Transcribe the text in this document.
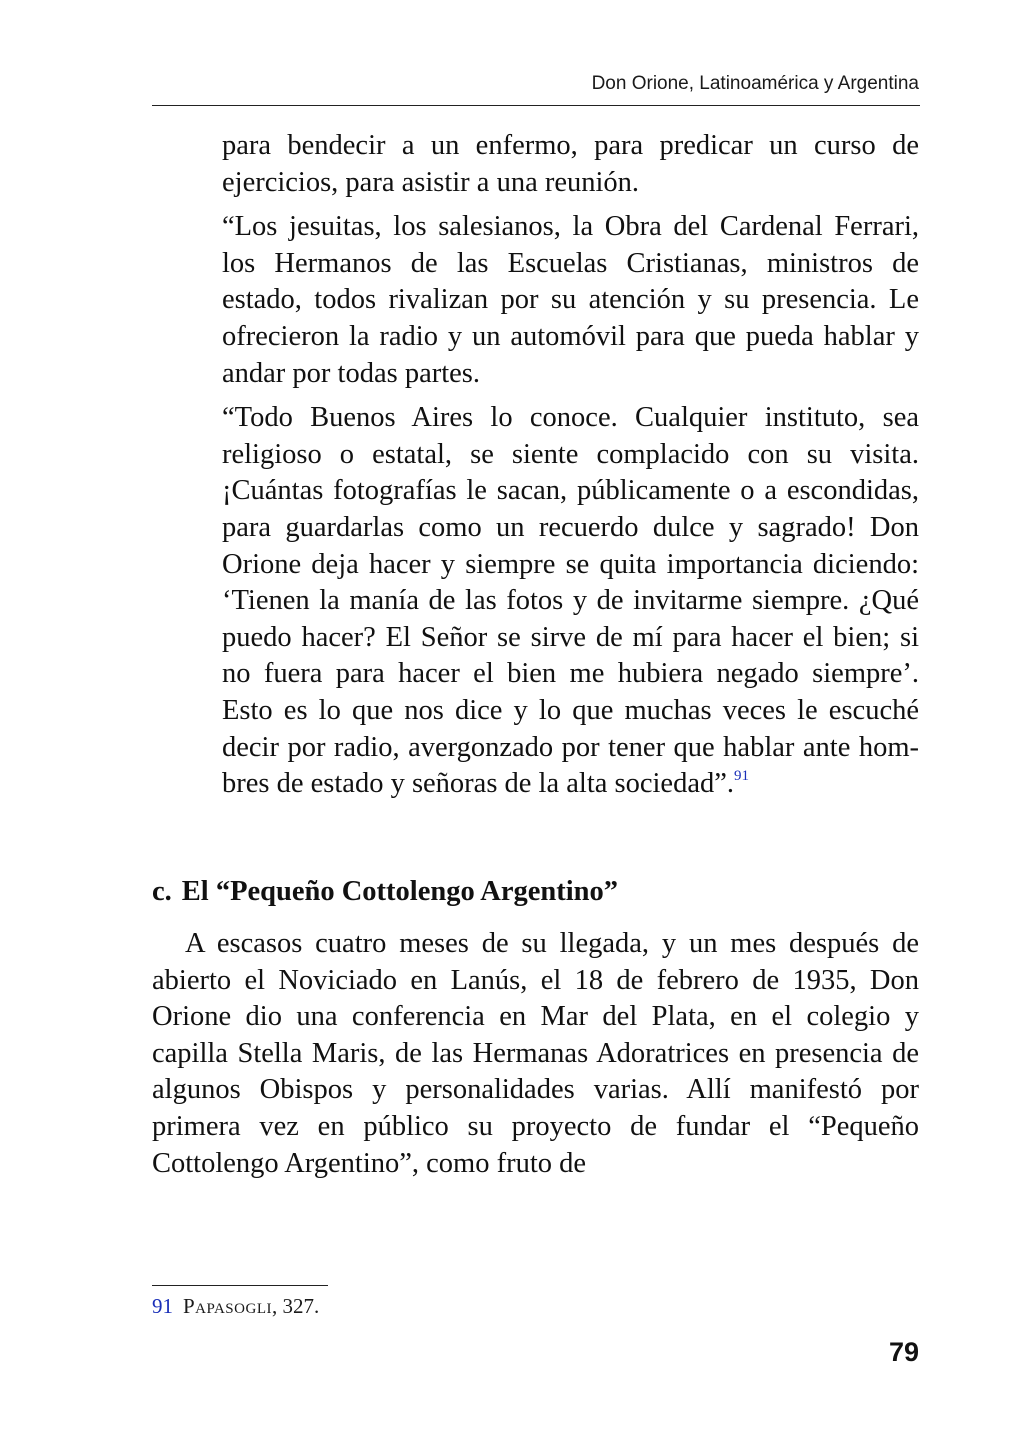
Don Orione, Latinoamérica y Argentina

para bendecir a un enfermo, para predicar un curso de ejercicios, para asistir a una reunión.

“Los jesuitas, los salesianos, la Obra del Cardenal Ferrari, los Hermanos de las Escuelas Cristianas, ministros de estado, todos rivalizan por su atención y su presencia. Le ofrecieron la radio y un automóvil para que pueda hablar y andar por todas partes.

“Todo Buenos Aires lo conoce. Cualquier instituto, sea religioso o estatal, se siente complacido con su visita. ¡Cuántas fotografías le sacan, públicamente o a escondidas, para guardarlas como un recuerdo dulce y sagrado! Don Orione deja hacer y siempre se quita importancia diciendo: ‘Tienen la manía de las fotos y de invitarme siempre. ¿Qué puedo hacer? El Señor se sirve de mí para hacer el bien; si no fuera para hacer el bien me hubiera negado siempre’. Esto es lo que nos dice y lo que muchas veces le escuché decir por radio, avergonzado por tener que hablar ante hombres de estado y señoras de la alta sociedad”.$^{91}$

c. El “Pequeño Cottolengo Argentino”

A escasos cuatro meses de su llegada, y un mes después de abierto el Noviciado en Lanús, el 18 de febrero de 1935, Don Orione dio una conferencia en Mar del Plata, en el colegio y capilla Stella Maris, de las Hermanas Adoratrices en presencia de algunos Obispos y personalidades varias. Allí manifestó por primera vez en público su proyecto de fundar el “Pequeño Cottolengo Argentino”, como fruto de

91 Papasogli, 327.
79
